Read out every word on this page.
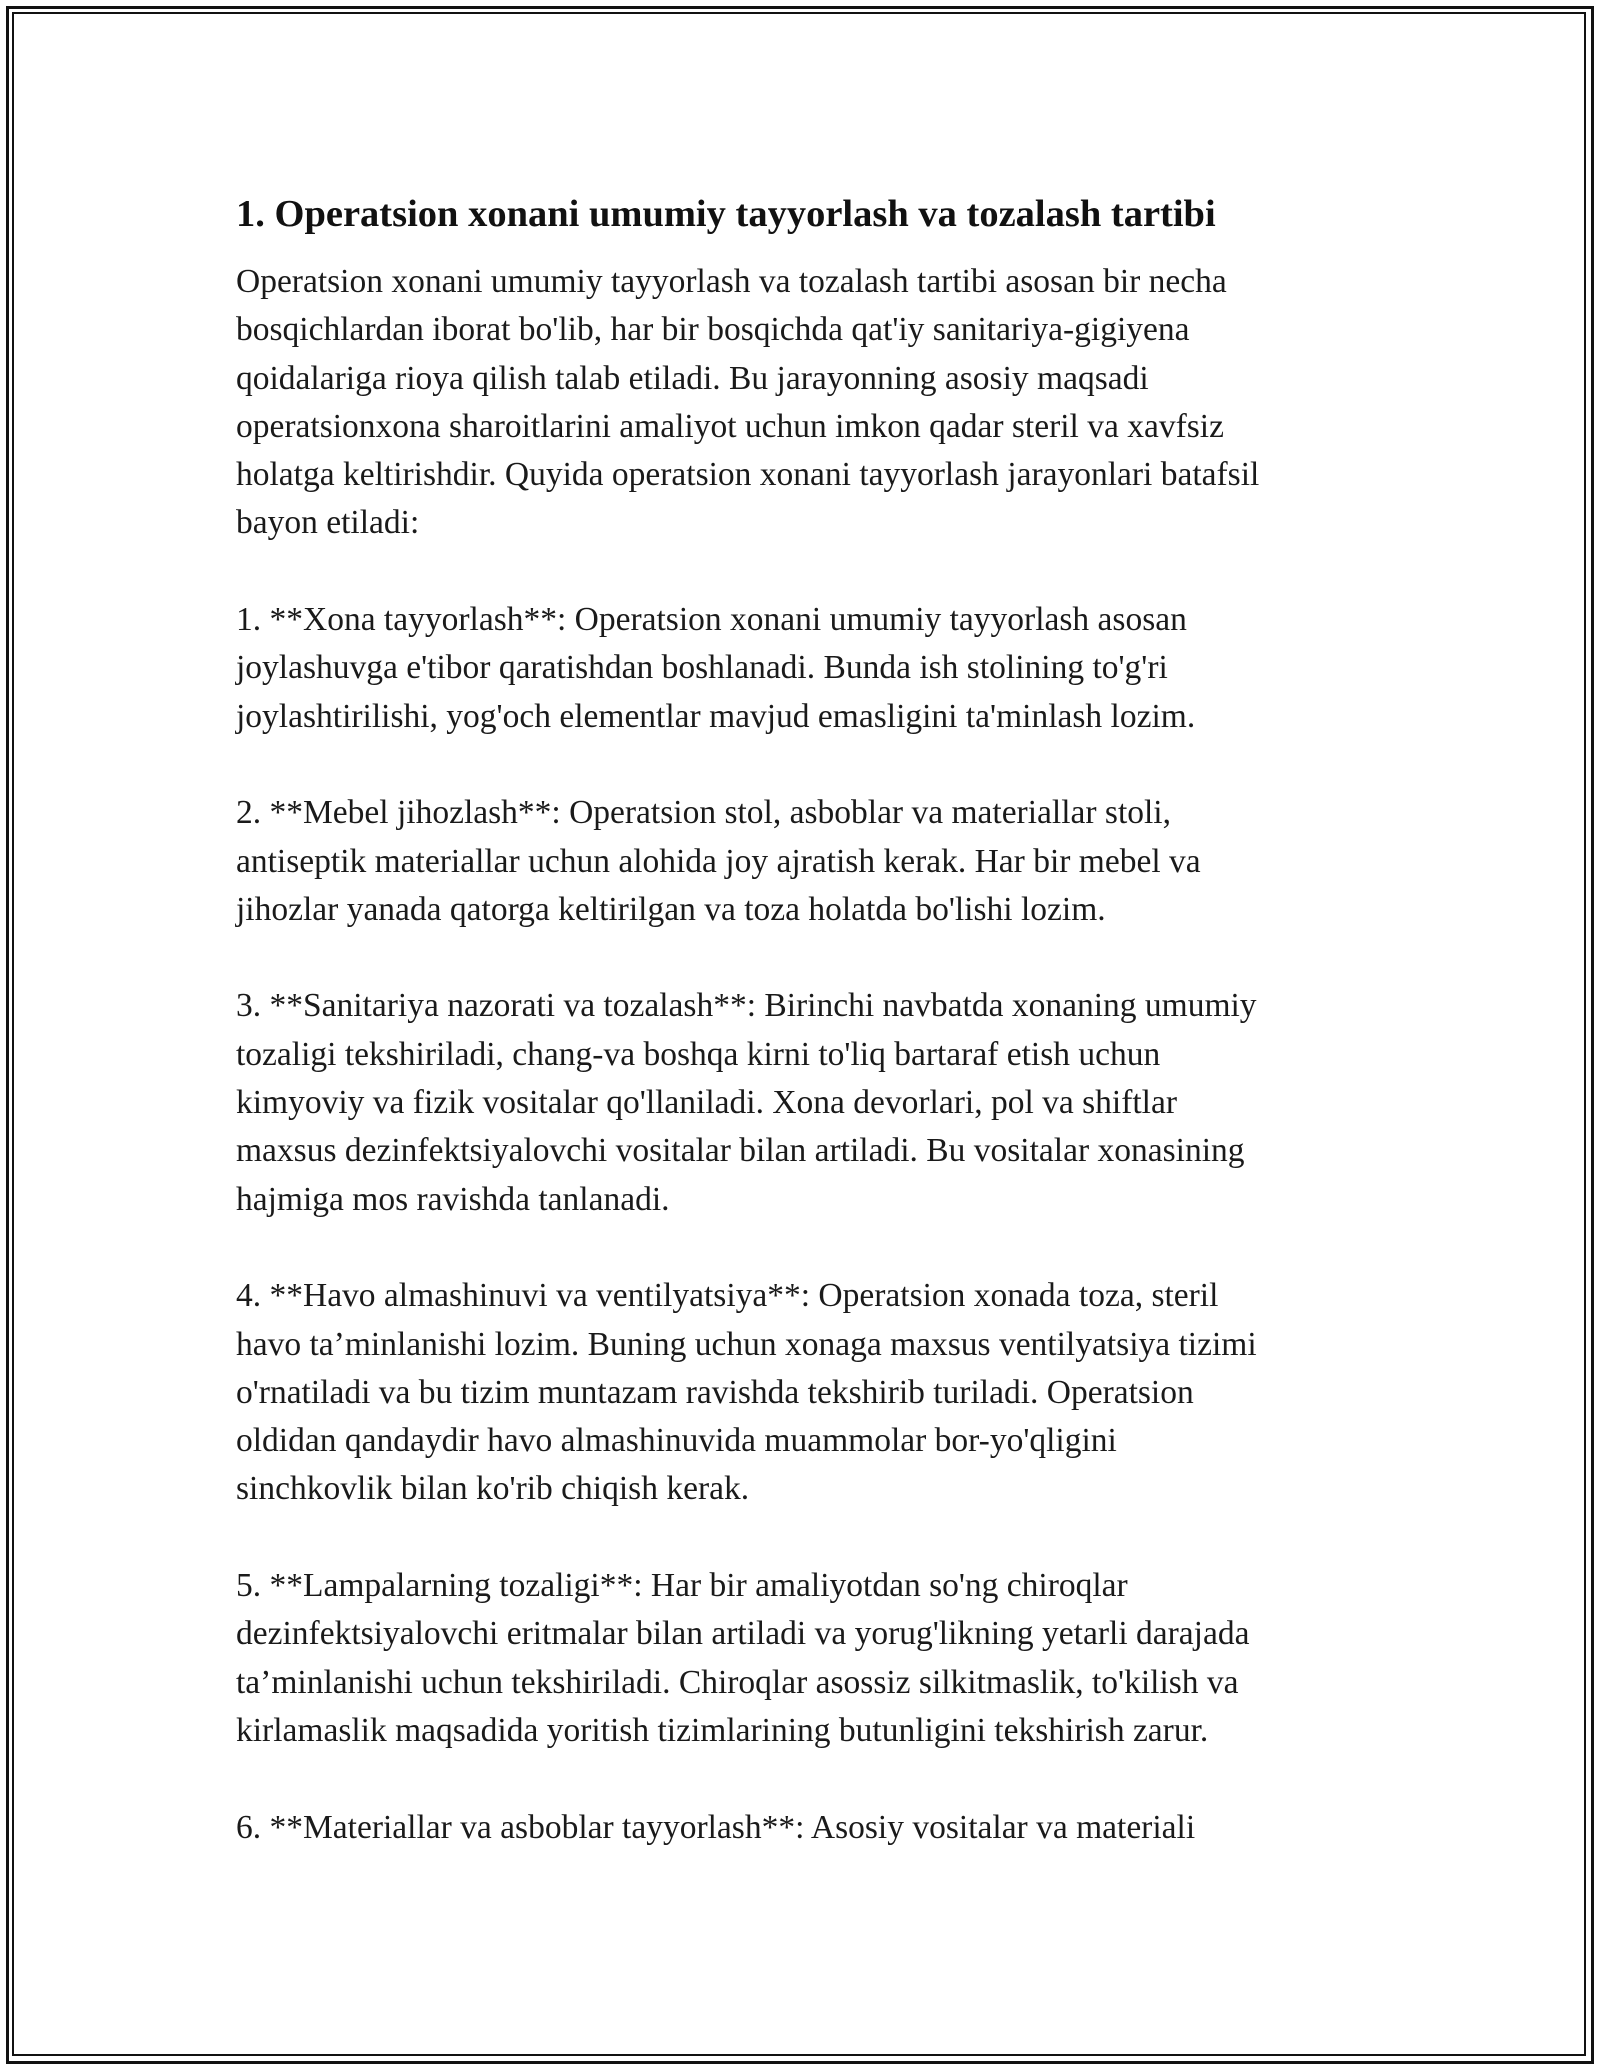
1. Operatsion xonani umumiy tayyorlash va tozalash tartibi
Operatsion xonani umumiy tayyorlash va tozalash tartibi asosan bir necha
bosqichlardan iborat bo'lib, har bir bosqichda qat'iy sanitariya-gigiyena
qoidalariga rioya qilish talab etiladi. Bu jarayonning asosiy maqsadi
operatsionxona sharoitlarini amaliyot uchun imkon qadar steril va xavfsiz
holatga keltirishdir. Quyida operatsion xonani tayyorlash jarayonlari batafsil
bayon etiladi:
1. **Xona tayyorlash**: Operatsion xonani umumiy tayyorlash asosan
joylashuvga e'tibor qaratishdan boshlanadi. Bunda ish stolining to'g'ri
joylashtirilishi, yog'och elementlar mavjud emasligini ta'minlash lozim.
2. **Mebel jihozlash**: Operatsion stol, asboblar va materiallar stoli,
antiseptik materiallar uchun alohida joy ajratish kerak. Har bir mebel va
jihozlar yanada qatorga keltirilgan va toza holatda bo'lishi lozim.
3. **Sanitariya nazorati va tozalash**: Birinchi navbatda xonaning umumiy
tozaligi tekshiriladi, chang-va boshqa kirni to'liq bartaraf etish uchun
kimyoviy va fizik vositalar qo'llaniladi. Xona devorlari, pol va shiftlar
maxsus dezinfektsiyalovchi vositalar bilan artiladi. Bu vositalar xonasining
hajmiga mos ravishda tanlanadi.
4. **Havo almashinuvi va ventilyatsiya**: Operatsion xonada toza, steril
havo ta’minlanishi lozim. Buning uchun xonaga maxsus ventilyatsiya tizimi
o'rnatiladi va bu tizim muntazam ravishda tekshirib turiladi. Operatsion
oldidan qandaydir havo almashinuvida muammolar bor-yo'qligini
sinchkovlik bilan ko'rib chiqish kerak.
5. **Lampalarning tozaligi**: Har bir amaliyotdan so'ng chiroqlar
dezinfektsiyalovchi eritmalar bilan artiladi va yorug'likning yetarli darajada
ta’minlanishi uchun tekshiriladi. Chiroqlar asossiz silkitmaslik, to'kilish va
kirlamaslik maqsadida yoritish tizimlarining butunligini tekshirish zarur.
6. **Materiallar va asboblar tayyorlash**: Asosiy vositalar va materiali
